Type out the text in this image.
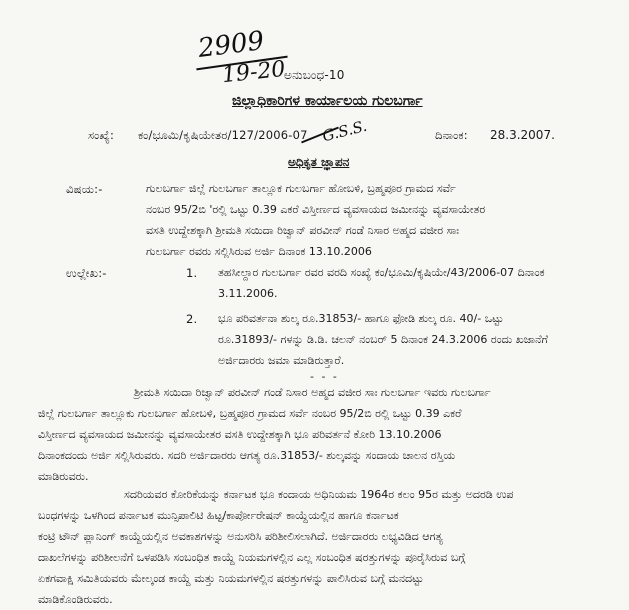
2909
19-20
G.S.S.
ಅನುಬಂಧ-10
ಜಿಲ್ಲಾಧಿಕಾರಿಗಳ ಕಾರ್ಯಾಲಯ ಗುಲಬರ್ಗಾ
ಸಂಖ್ಯೆ: ಕಂ/ಭೂಮಿ/ಕೃಷಿಯೇತರ/127/2006-07	ದಿನಾಂಕ: 28.3.2007.
ಅಧಿಕೃತ ಜ್ಞಾಪನ
ವಿಷಯ:-	ಗುಲಬರ್ಗಾ ಜಿಲ್ಲೆ ಗುಲಬರ್ಗಾ ತಾಲ್ಲೂಕ ಗುಲಬರ್ಗಾ ಹೋಬಳಿ, ಬ್ರಹ್ಮಪೂರ ಗ್ರಾಮದ ಸರ್ವೆ
ನಂಬರ 95/2ಬಿ 'ರಲ್ಲಿ ಒಟ್ಟು 0.39 ಎಕರೆ ವಿಸ್ತೀರ್ಣದ ವ್ಯವಸಾಯದ ಜಮೀನನ್ನು ವ್ಯವಸಾಯೇತರ
ವಸತಿ ಉದ್ದೇಶಕ್ಕಾಗಿ ಶ್ರೀಮತಿ ಸಯಿದಾ ರಿಜ್ವಾನ್ ಪರವೀನ್ ಗಂಡೆ ನಿಸಾರ ಅಹ್ಮದ ವಜೀರ ಸಾಃ
ಗುಲಬರ್ಗಾ ರವರು ಸಲ್ಲಿಸಿರುವ ಅರ್ಜಿ ದಿನಾಂಕ 13.10.2006
ಉಲ್ಲೇಖ:-	1. ತಹಸೀಲ್ದಾರ ಗುಲಬರ್ಗಾ ರವರ ವರದಿ ಸಂಖ್ಯೆ ಕಂ/ಭೂಮಿ/ಕೃಷಿಯೇ/43/2006-07 ದಿನಾಂಕ
3.11.2006.
2. ಭೂ ಪರಿವರ್ತನಾ ಶುಲ್ಕ ರೂ.31853/- ಹಾಗೂ ಫೋಡಿ ಶುಲ್ಕ ರೂ. 40/- ಒಟ್ಟು
ರೂ.31893/- ಗಳನ್ನು ಡಿ.ಡಿ. ಚಲನ್ ನಂಬರ್ 5 ದಿನಾಂಕ 24.3.2006 ರಂದು ಖಜಾನೆಗೆ
ಅರ್ಜಿದಾರರು ಜಮಾ ಮಾಡಿರುತ್ತಾರೆ.
- - -
ಶ್ರೀಮತಿ ಸಯಿದಾ ರಿಜ್ವಾನ್ ಪರವೀನ್ ಗಂಡೆ ನಿಸಾರ ಅಹ್ಮದ ವಜೀರ ಸಾಃ ಗುಲಬರ್ಗಾ ಇವರು ಗುಲಬರ್ಗಾ
ಜಿಲ್ಲೆ ಗುಲಬರ್ಗಾ ತಾಲ್ಲೂಕು ಗುಲಬರ್ಗಾ ಹೋಬಳಿ, ಬ್ರಹ್ಮಪೂರ ಗ್ರಾಮದ ಸರ್ವೆ ನಂಬರ 95/2ಬಿ ರಲ್ಲಿ ಒಟ್ಟು 0.39 ಎಕರೆ
ವಿಸ್ತೀರ್ಣದ ವ್ಯವಸಾಯದ ಜಮೀನನ್ನು ವ್ಯವಸಾಯೇತರ ವಸತಿ ಉದ್ದೇಶಕ್ಕಾಗಿ ಭೂ ಪರಿವರ್ತನೆ ಕೋರಿ 13.10.2006
ದಿನಾಂಕದಂದು ಅರ್ಜಿ ಸಲ್ಲಿಸಿರುವರು. ಸದರಿ ಅರ್ಜಿದಾರರು ಆಗತ್ಯ ರೂ.31853/- ಶುಲ್ಕವನ್ನು ಸಂದಾಯ ಚಾಲನ ರಸ್ತಿಯ
ಮಾಡಿರುವರು.
ಸದರಿಯವರ ಕೋರಿಕೆಯನ್ನು ಕರ್ನಾಟಕ ಭೂ ಕಂದಾಯ ಅಧಿನಿಯಮ 1964ರ ಕಲಂ 95ರ ಮತ್ತು ಅದರಡಿ ಉಪ
ಬಂಧಗಳನ್ನು ಒಳಗಿಂದ ಪರ್ನಾಟಕ ಮುನ್ಸಿಪಾಲಿಟಿ ಹಿಟ್ಟ/ಕಾರ್ಪೋರೇಷನ್ ಕಾಯ್ದೆಯಲ್ಲಿನ ಹಾಗೂ ಕರ್ನಾಟಕ
ಕಂಟ್ರಿ ಟೌನ್ ಪ್ಲಾನಿಂಗ್ ಕಾಯ್ದೆಯಲ್ಲಿನ ಅವಕಾಶಗಳನ್ನು ಅನುಸರಿಸಿ ಪರಿಶೀಲಿಸಲಾಗಿದೆ. ಅರ್ಜಿದಾರರು ಲಭ್ಯವಿಡಿದ ಆಗತ್ಯ
ದಾಖಲೆಗಳನ್ನು ಪರಿಶೀಲನೆಗೆ ಒಳಪಡಿಸಿ ಸಂಬಂಧಿತ ಕಾಯ್ದೆ ನಿಯಮಗಳಲ್ಲಿನ ಎಲ್ಲ ಸಂಬಂಧಿತ ಷರತ್ತುಗಳನ್ನು ಪೂರೈಸಿರುವ ಬಗ್ಗೆ
ಏಕಗವಾಕ್ಷಿ ಸಮಿತಿಯವರು ಮೇಲ್ಕಂಡ ಕಾಯ್ದೆ ಮತ್ತು ನಿಯಮಗಳಲ್ಲಿನ ಷರತ್ತುಗಳನ್ನು ಪಾಲಿಸಿರುವ ಬಗ್ಗೆ ಮನದಟ್ಟು
ಮಾಡಿಕೊಂಡಿರುವರು.
